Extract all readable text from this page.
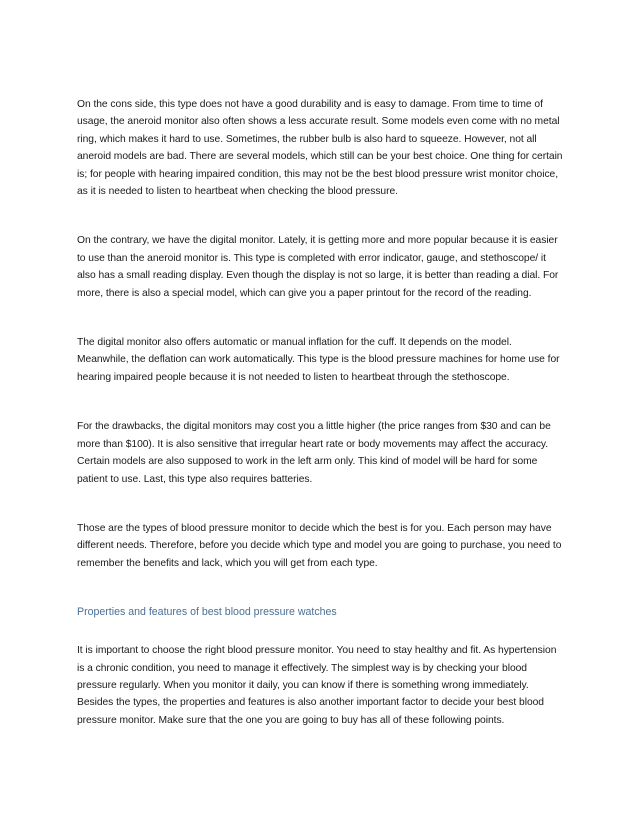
On the cons side, this type does not have a good durability and is easy to damage. From time to time of usage, the aneroid monitor also often shows a less accurate result. Some models even come with no metal ring, which makes it hard to use. Sometimes, the rubber bulb is also hard to squeeze. However, not all aneroid models are bad. There are several models, which still can be your best choice. One thing for certain is; for people with hearing impaired condition, this may not be the best blood pressure wrist monitor choice, as it is needed to listen to heartbeat when checking the blood pressure.

On the contrary, we have the digital monitor. Lately, it is getting more and more popular because it is easier to use than the aneroid monitor is. This type is completed with error indicator, gauge, and stethoscope/ it also has a small reading display. Even though the display is not so large, it is better than reading a dial. For more, there is also a special model, which can give you a paper printout for the record of the reading.

The digital monitor also offers automatic or manual inflation for the cuff. It depends on the model. Meanwhile, the deflation can work automatically. This type is the blood pressure machines for home use for hearing impaired people because it is not needed to listen to heartbeat through the stethoscope.

For the drawbacks, the digital monitors may cost you a little higher (the price ranges from $30 and can be more than $100). It is also sensitive that irregular heart rate or body movements may affect the accuracy. Certain models are also supposed to work in the left arm only. This kind of model will be hard for some patient to use. Last, this type also requires batteries.

Those are the types of blood pressure monitor to decide which the best is for you. Each person may have different needs. Therefore, before you decide which type and model you are going to purchase, you need to remember the benefits and lack, which you will get from each type.

Properties and features of best blood pressure watches

It is important to choose the right blood pressure monitor. You need to stay healthy and fit. As hypertension is a chronic condition, you need to manage it effectively. The simplest way is by checking your blood pressure regularly. When you monitor it daily, you can know if there is something wrong immediately. Besides the types, the properties and features is also another important factor to decide your best blood pressure monitor. Make sure that the one you are going to buy has all of these following points.
